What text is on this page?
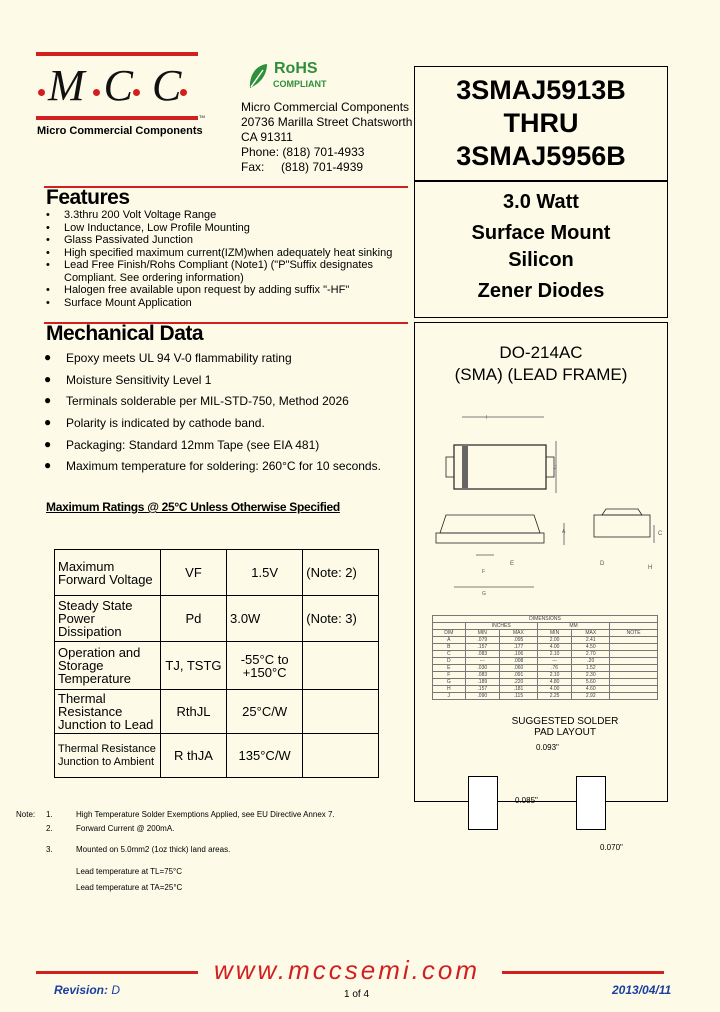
M C C
TM
Micro Commercial Components
RoHS
COMPLIANT
Micro Commercial Components
20736 Marilla Street Chatsworth
CA 91311
Phone: (818) 701-4933
Fax:     (818) 701-4939
3SMAJ5913B
THRU
3SMAJ5956B
3.0 Watt
Surface Mount
Silicon
Zener Diodes
DO-214AC
(SMA) (LEAD FRAME)
I
J
A
F
G
C
D
H
E
DIMENSIONS					
	INCHES		MM		
DIM	MIN	MAX	MIN	MAX	NOTE
A	.079	.095	2.00	2.41	
B	.157	.177	4.00	4.50	
C	.083	.106	2.10	2.70	
D	---	.008	---	.20	
E	.030	.060	.76	1.52	
F	.083	.091	2.10	2.30	
G	.189	.220	4.80	5.60	
H	.157	.181	4.00	4.60	
J	.090	.115	2.25	2.92	
SUGGESTED SOLDER
PAD LAYOUT
0.093"
0.085"
0.070"
Features
• 3.3thru 200 Volt Voltage Range
• Low Inductance, Low Profile Mounting
• Glass Passivated Junction
• High specified maximum current(IZM)when adequately heat sinking
• Lead Free Finish/Rohs Compliant (Note1) ("P"Suffix designates
Compliant. See ordering information)
• Halogen free available upon request by adding suffix "-HF"
• Surface Mount Application
Mechanical Data
● Epoxy meets UL 94 V-0 flammability rating
● Moisture Sensitivity Level 1
● Terminals solderable per MIL-STD-750, Method 2026
● Polarity is indicated by cathode band.
● Packaging: Standard 12mm Tape (see EIA 481)
● Maximum temperature for soldering: 260°C for 10 seconds.
Maximum Ratings @ 25°C Unless Otherwise Specified
Maximum Forward Voltage	VF	1.5V	(Note: 2)
Steady State Power Dissipation	Pd	3.0W	(Note: 3)
Operation and Storage Temperature	TJ, TSTG	-55°C to +150°C	
Thermal Resistance Junction to Lead	RthJL	25°C/W	
Thermal Resistance Junction to Ambient	R thJA	135°C/W	
Note: 1.	High Temperature Solder Exemptions Applied, see EU Directive Annex 7.
2.	Forward Current @ 200mA.
3.	Mounted on 5.0mm2 (1oz thick) land areas.
Lead temperature at TL=75°C
Lead temperature at TA=25°C
www.mccsemi.com
Revision: D	1 of 4	2013/04/11
